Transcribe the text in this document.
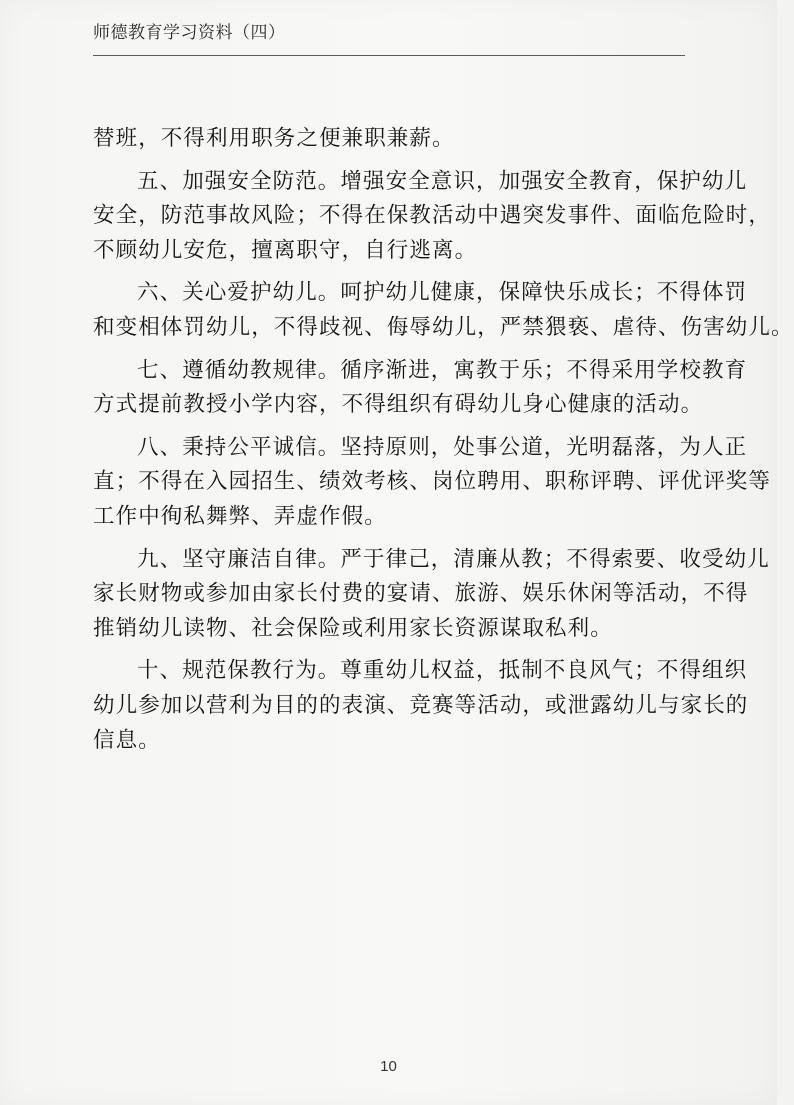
师德教育学习资料（四）
替班，不得利用职务之便兼职兼薪。
五、加强安全防范。增强安全意识，加强安全教育，保护幼儿
安全，防范事故风险；不得在保教活动中遇突发事件、面临危险时，
不顾幼儿安危，擅离职守，自行逃离。
六、关心爱护幼儿。呵护幼儿健康，保障快乐成长；不得体罚
和变相体罚幼儿，不得歧视、侮辱幼儿，严禁猥亵、虐待、伤害幼儿。
七、遵循幼教规律。循序渐进，寓教于乐；不得采用学校教育
方式提前教授小学内容，不得组织有碍幼儿身心健康的活动。
八、秉持公平诚信。坚持原则，处事公道，光明磊落，为人正
直；不得在入园招生、绩效考核、岗位聘用、职称评聘、评优评奖等
工作中徇私舞弊、弄虚作假。
九、坚守廉洁自律。严于律己，清廉从教；不得索要、收受幼儿
家长财物或参加由家长付费的宴请、旅游、娱乐休闲等活动，不得
推销幼儿读物、社会保险或利用家长资源谋取私利。
十、规范保教行为。尊重幼儿权益，抵制不良风气；不得组织
幼儿参加以营利为目的的表演、竞赛等活动，或泄露幼儿与家长的
信息。
10
